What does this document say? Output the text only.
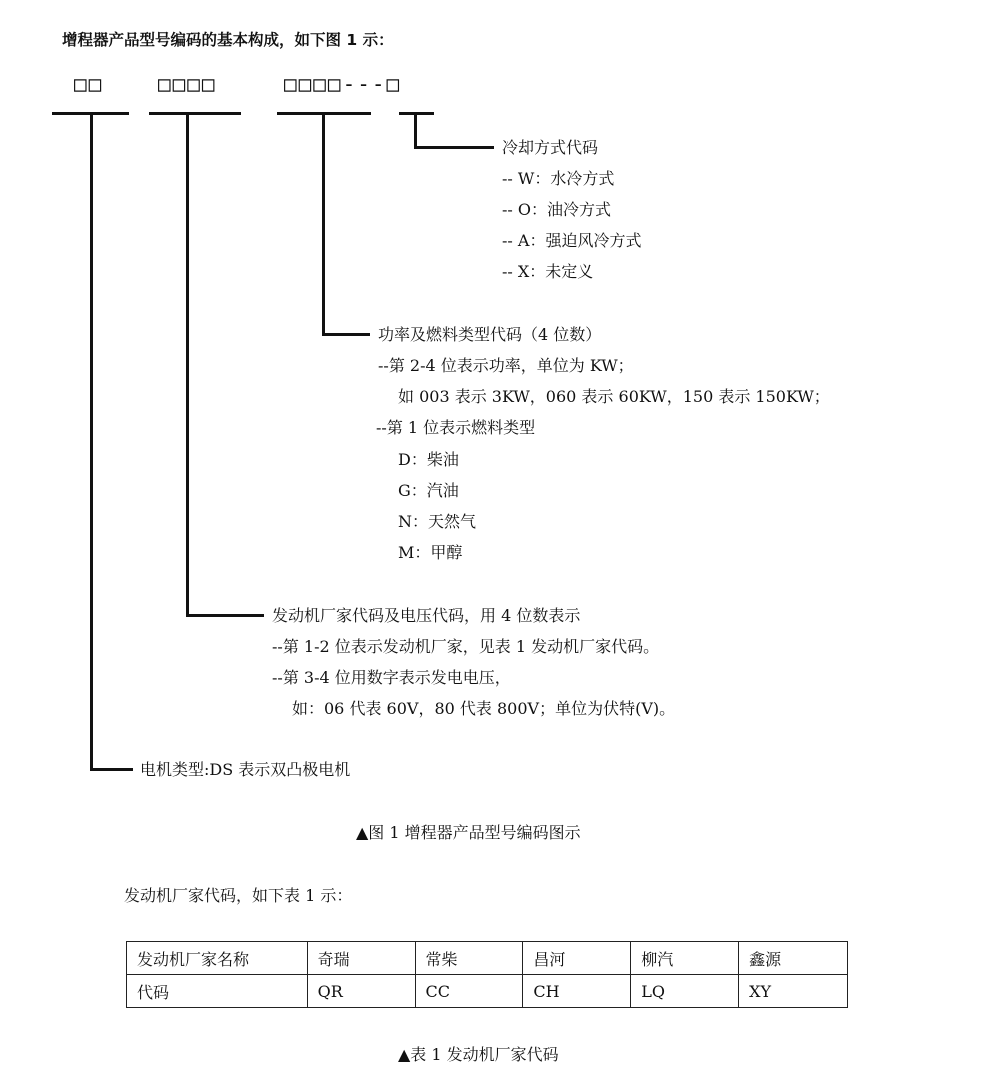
增程器产品型号编码的基本构成，如下图 1 示：
□□	□□□□	□□□□---□
冷却方式代码
-- W：水冷方式
-- O：油冷方式
-- A：强迫风冷方式
-- X：未定义
功率及燃料类型代码（4 位数）
--第 2-4 位表示功率，单位为 KW；
如 003 表示 3KW，060 表示 60KW，150 表示 150KW；
--第 1 位表示燃料类型
D：柴油
G：汽油
N：天然气
M：甲醇
发动机厂家代码及电压代码，用 4 位数表示
--第 1-2 位表示发动机厂家，见表 1 发动机厂家代码。
--第 3-4 位用数字表示发电电压，
如：06 代表 60V，80 代表 800V；单位为伏特(V)。
电机类型:DS 表示双凸极电机
▲图 1 增程器产品型号编码图示
发动机厂家代码，如下表 1 示：
发动机厂家名称	奇瑞	常柴	昌河	柳汽	鑫源
代码	QR	CC	CH	LQ	XY
▲表 1 发动机厂家代码
